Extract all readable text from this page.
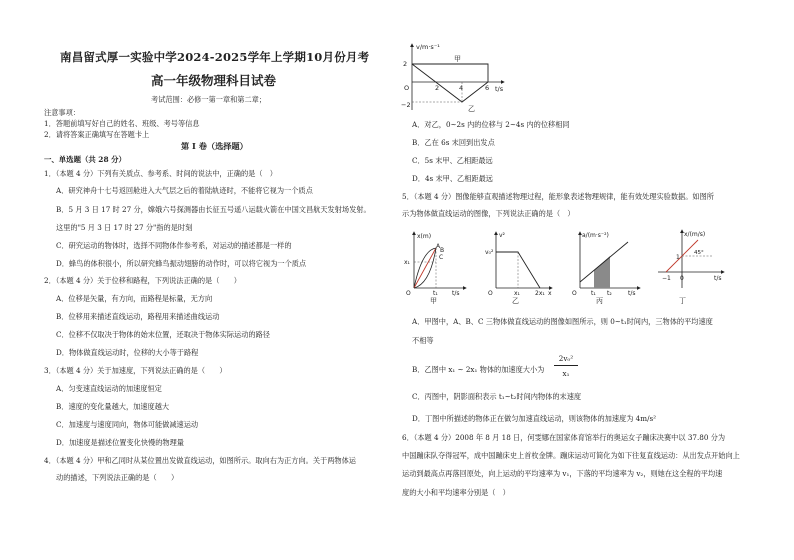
南昌留式厚一实验中学2024-2025学年上学期10月份月考
高一年级物理科目试卷
考试范围：必修一第一章和第二章；
注意事项：
1．答题前填写好自己的姓名、班级、考号等信息
2．请将答案正确填写在答题卡上
第 I 卷（选择题）
一、单选题（共 28 分）
1．（本题 4 分）下列有关质点、参考系、时间的说法中，正确的是（　）
A．研究神舟十七号返回舱进入大气层之后的着陆轨迹时，不能将它视为一个质点
B．5 月 3 日 17 时 27 分，嫦娥六号探测器由长征五号遥八运载火箭在中国文昌航天发射场发射。
这里的"5 月 3 日 17 时 27 分"指的是时刻
C．研究运动的物体时，选择不同物体作参考系，对运动的描述都是一样的
D．蜂鸟的体积很小，所以研究蜂鸟振动翅膀的动作时，可以将它视为一个质点
2．（本题 4 分）关于位移和路程，下列说法正确的是（　　）
A．位移是矢量，有方向，而路程是标量，无方向
B．位移用来描述直线运动，路程用来描述曲线运动
C．位移不仅取决于物体的始末位置，还取决于物体实际运动的路径
D．物体做直线运动时，位移的大小等于路程
3．（本题 4 分）关于加速度，下列说法正确的是（　　）
A．匀变速直线运动的加速度恒定
B．速度的变化量越大，加速度越大
C．加速度与速度同向，物体可能做减速运动
D．加速度是描述位置变化快慢的物理量
4．（本题 4 分）甲和乙同时从某位置出发做直线运动，如图所示。取向右为正方向。关于两物体运
动的描述，下列说法正确的是（　　）
v/m·s⁻¹
甲
2
O
−2
2	4	6 t/s
乙
A．对乙，0~2s 内的位移与 2~4s 内的位移相同
B．乙在 6s 末回到出发点
C．5s 末甲、乙相距最远
D．4s 末甲、乙相距最远
5．（本题 4 分）图像能够直观描述物理过程，能形象表述物理规律，能有效处理实验数据。如图所
示为物体做直线运动的图像，下列说法正确的是（　）
x(m)
A
B
C
x₁
O	t₁ t/s
甲
v²
v₀²
O	x₁	2x₁ x
乙
a/(m·s⁻²)
O t₁ t₂	t/s
丙
x/(m/s)
1
45°
−1 0	t/s
丁
A．甲图中，A、B、C 三物体做直线运动的图像如图所示，则 0~t₁时间内，三物体的平均速度
不相等
B．乙图中 x₁ ~ 2x₁ 物体的加速度大小为
2v₀²
x₁
C．丙图中，阴影面积表示 t₁~t₂时间内物体的末速度
D．丁图中所描述的物体正在做匀加速直线运动，则该物体的加速度为 4m/s²
6．（本题 4 分）2008 年 8 月 18 日，何雯娜在国家体育馆举行的奥运女子蹦床决赛中以 37.80 分为
中国蹦床队夺得冠军，成中国蹦床史上首枚金牌。蹦床运动可简化为如下往复直线运动：从出发点开始向上
运动到最高点再落回原处，向上运动的平均速率为 v₁，下落的平均速率为 v₂，则她在这全程的平均速
度的大小和平均速率分别是（　）
